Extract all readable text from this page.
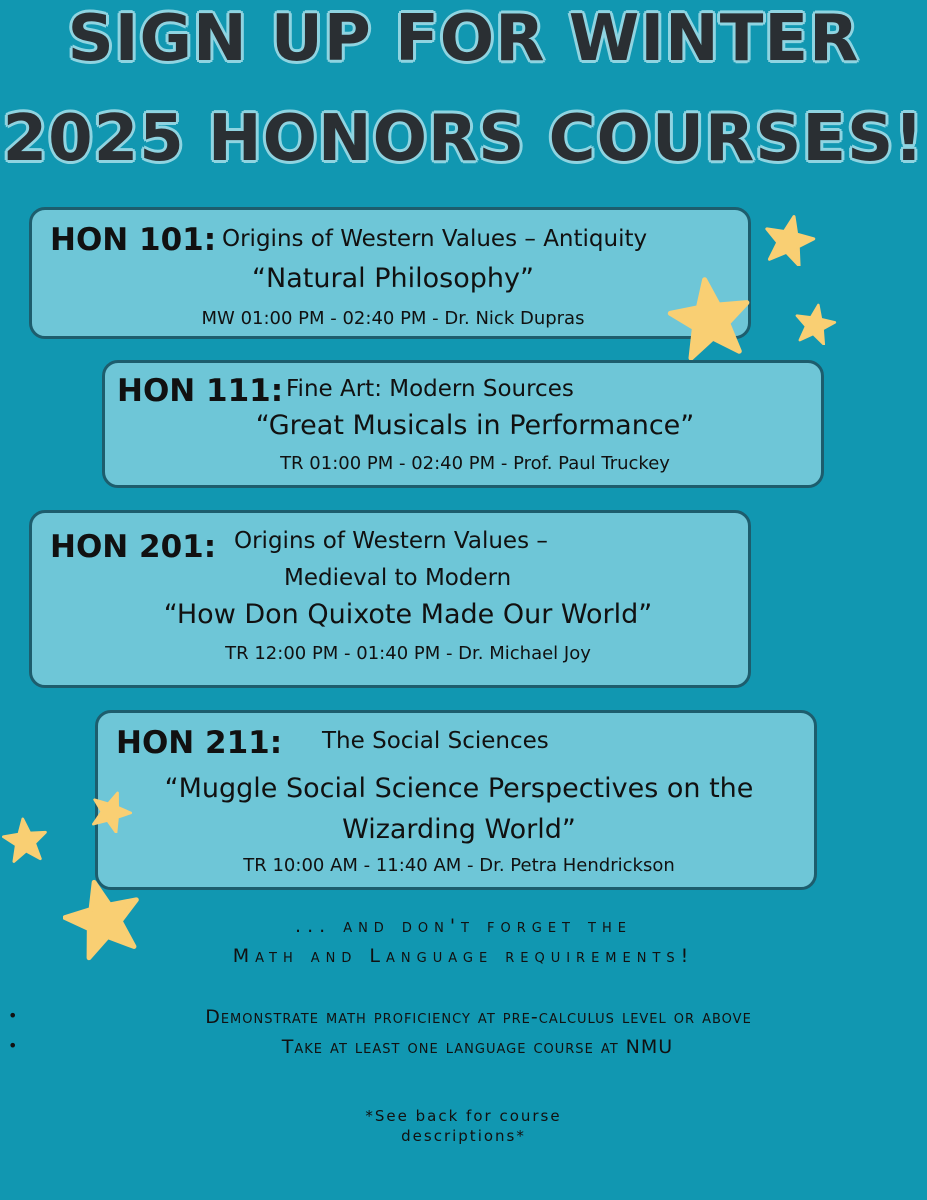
SIGN UP FOR WINTER
2025 HONORS COURSES!
HON 101: Origins of Western Values – Antiquity
“Natural Philosophy”
MW 01:00 PM - 02:40 PM - Dr. Nick Dupras
HON 111: Fine Art: Modern Sources
“Great Musicals in Performance”
TR 01:00 PM - 02:40 PM - Prof. Paul Truckey
HON 201: Origins of Western Values –
Medieval to Modern
“How Don Quixote Made Our World”
TR 12:00 PM - 01:40 PM - Dr. Michael Joy
HON 211: The Social Sciences
“Muggle Social Science Perspectives on the
Wizarding World”
TR 10:00 AM - 11:40 AM - Dr. Petra Hendrickson
... and don't forget the
Math and Language requirements!
•	Demonstrate math proficiency at pre-calculus level or above
•	Take at least one language course at NMU
*See back for course
descriptions*
